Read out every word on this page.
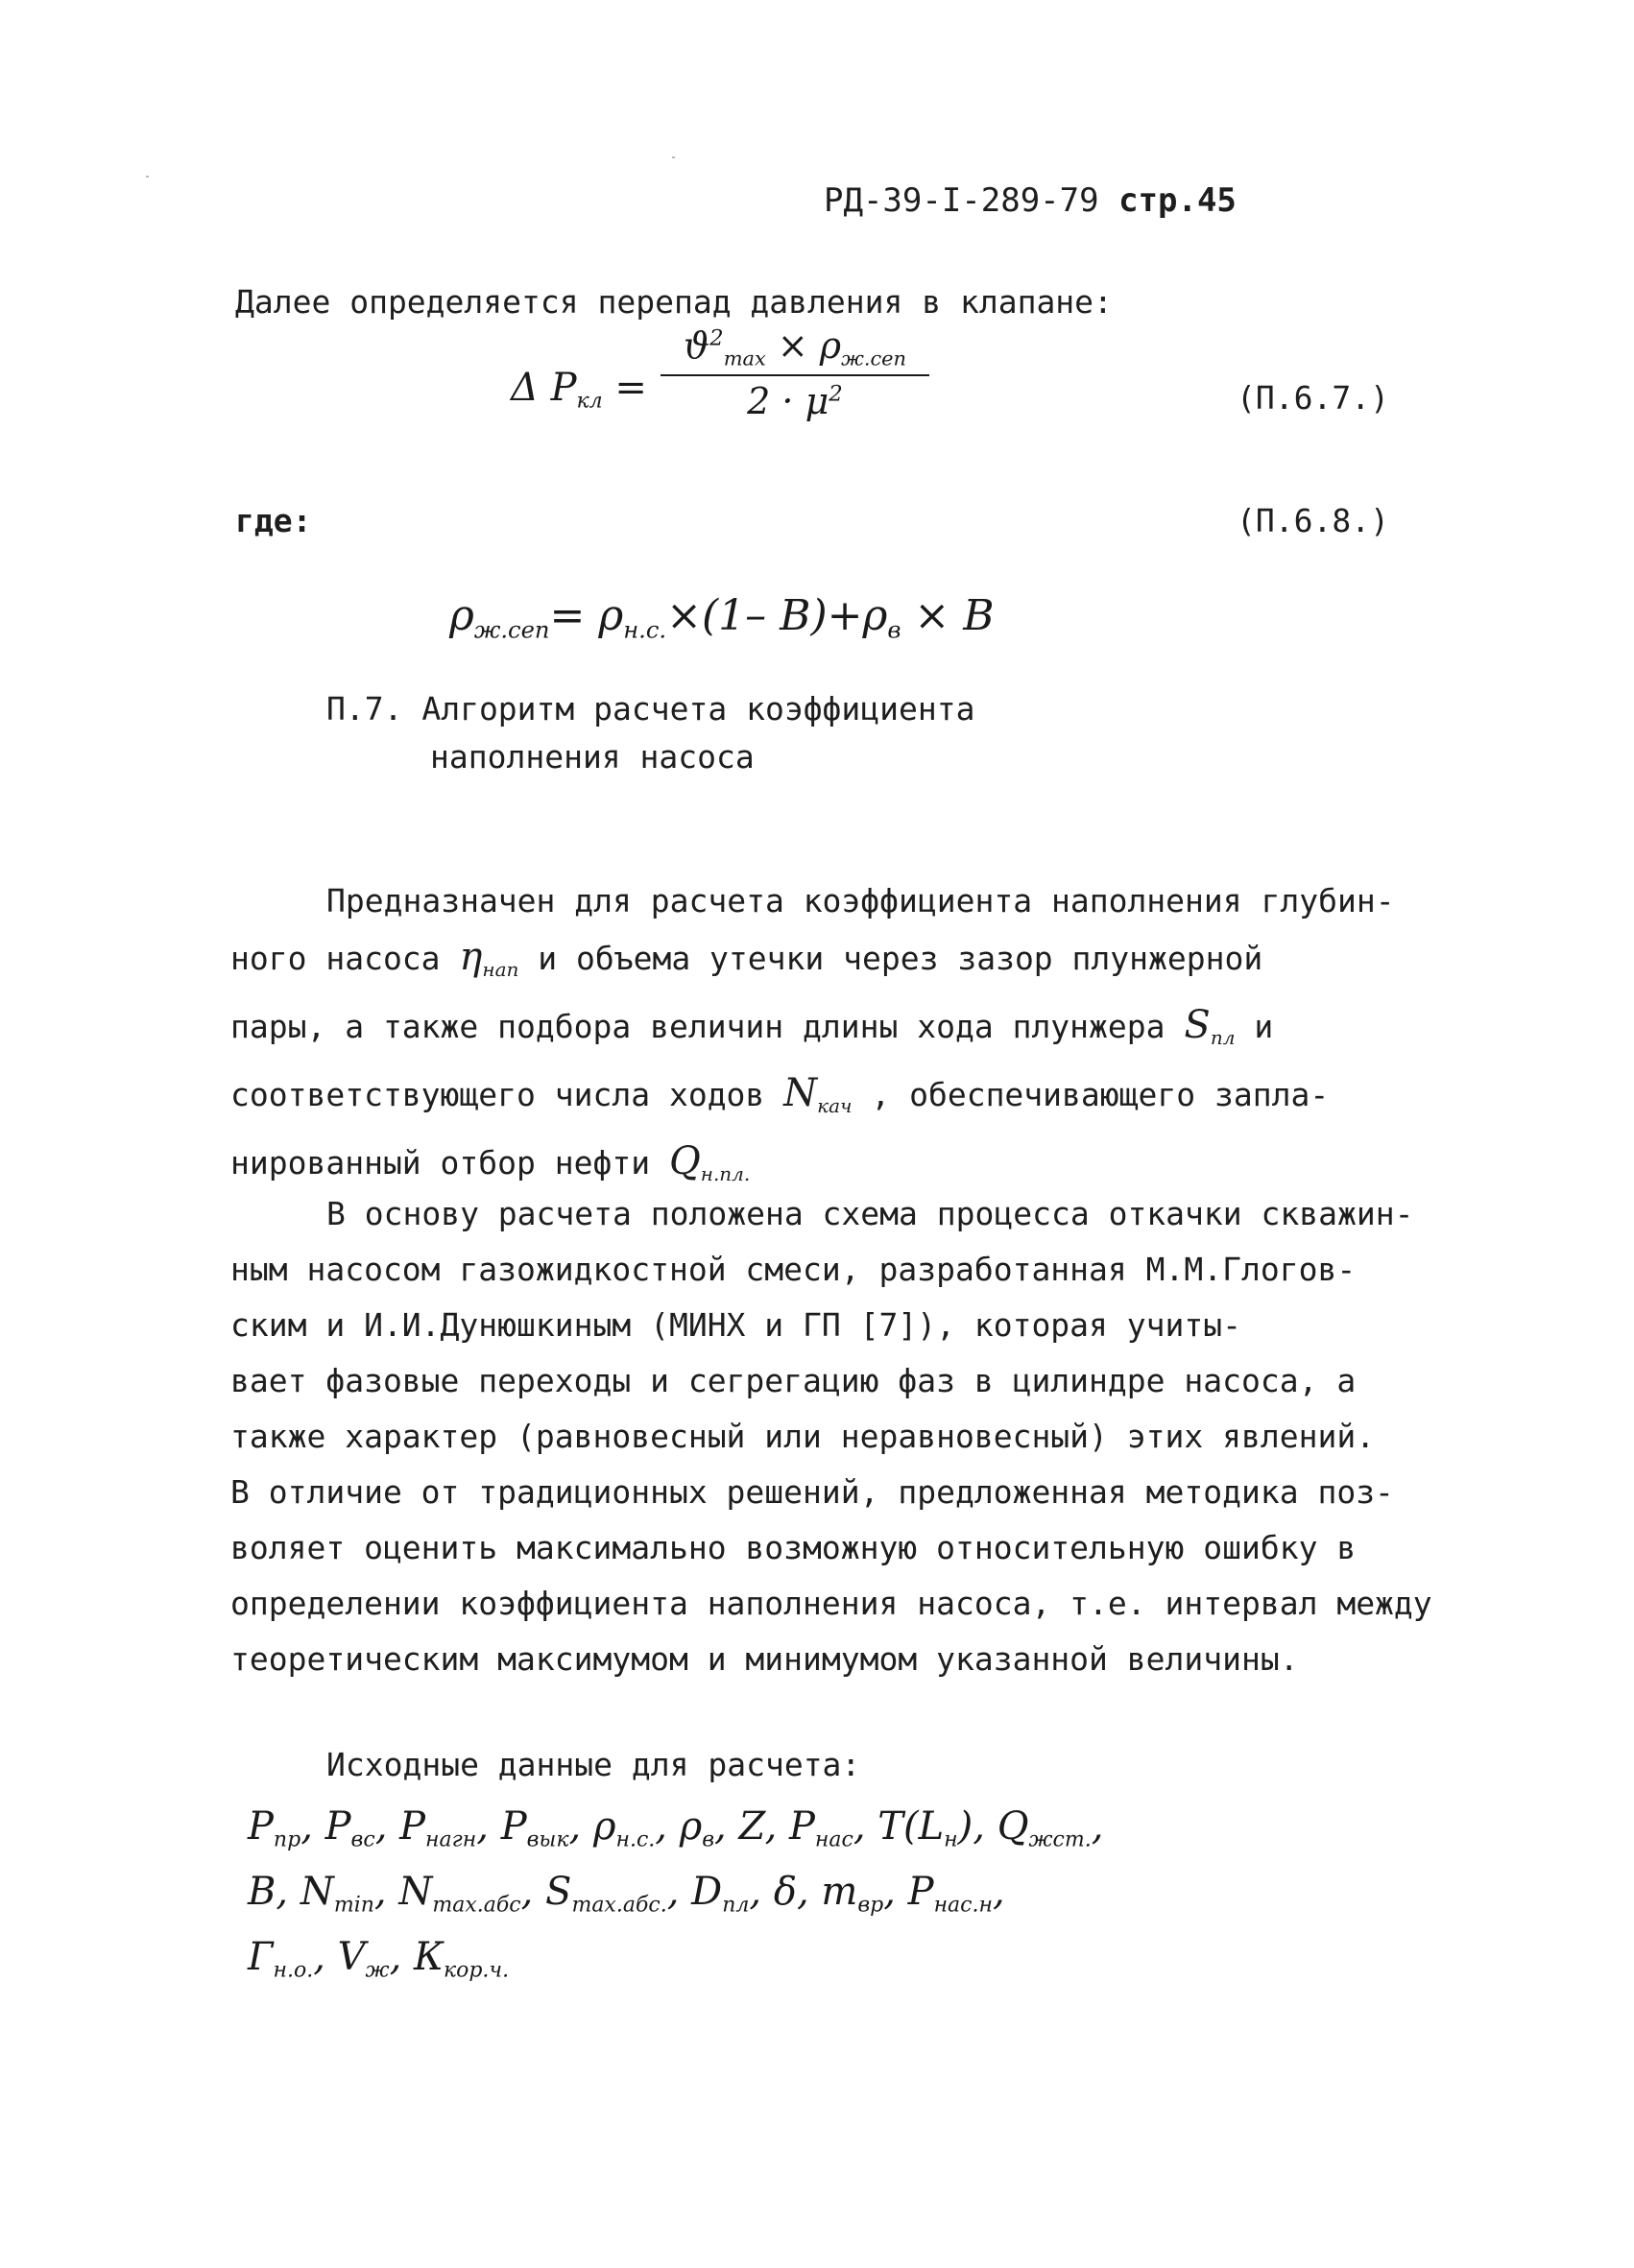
РД-39-I-289-79 стр.45
Далее определяется перепад давления в клапане:
Δ $Р_{кл}$ =
$ϑ^2_{max} \times \rho_{ж.сеп}$
$2 \cdot \mu^2$	(П.6.7.)
где:	(П.6.8.)
$\rho_{ж.сеп}= \rho_{н.с.}\times(1-$ $В)+\rho_в \times В$
П.7. Алгоритм расчета коэффициента
наполнения насоса

Предназначен для расчета коэффициента наполнения глубин-

ного насоса $\eta_{нап}$ и объема утечки через зазор плунжерной

пары, а также подбора величин длины хода плунжера $S_{пл}$ и

соответствующего числа ходов $N_{кач}$ , обеспечивающего запла-

нированный отбор нефти $Q_{н.пл.}$

В основу расчета положена схема процесса откачки скважин-

ным насосом газожидкостной смеси, разработанная М.М.Глогов-

ским и И.И.Дунюшкиным (МИНХ и ГП [7]), которая учиты-

вает фазовые переходы и сегрегацию фаз в цилиндре насоса, а

также характер (равновесный или неравновесный) этих явлений.

В отличие от традиционных решений, предложенная методика поз-

воляет оценить максимально возможную относительную ошибку в

определении коэффициента наполнения насоса, т.е. интервал между

теоретическим максимумом и минимумом указанной величины.

Исходные данные для расчета:
$Р_{пр}$, $Р_{вс}$, $Р_{нагн}$, $Р_{вык}$, $\rho_{н.с.}$, $\rho_в$, Z, $Р_{нас}$, $Т(L_н)$, $Q_{жст.}$,
В, $N_{min}$, $N_{max.абс}$, $S_{max.абс.}$, $D_{пл}$, δ, $m_{вр}$, $Р_{нас.н}$,
$Г_{н.о.}$, $V_ж$, $К_{кор.ч.}$
